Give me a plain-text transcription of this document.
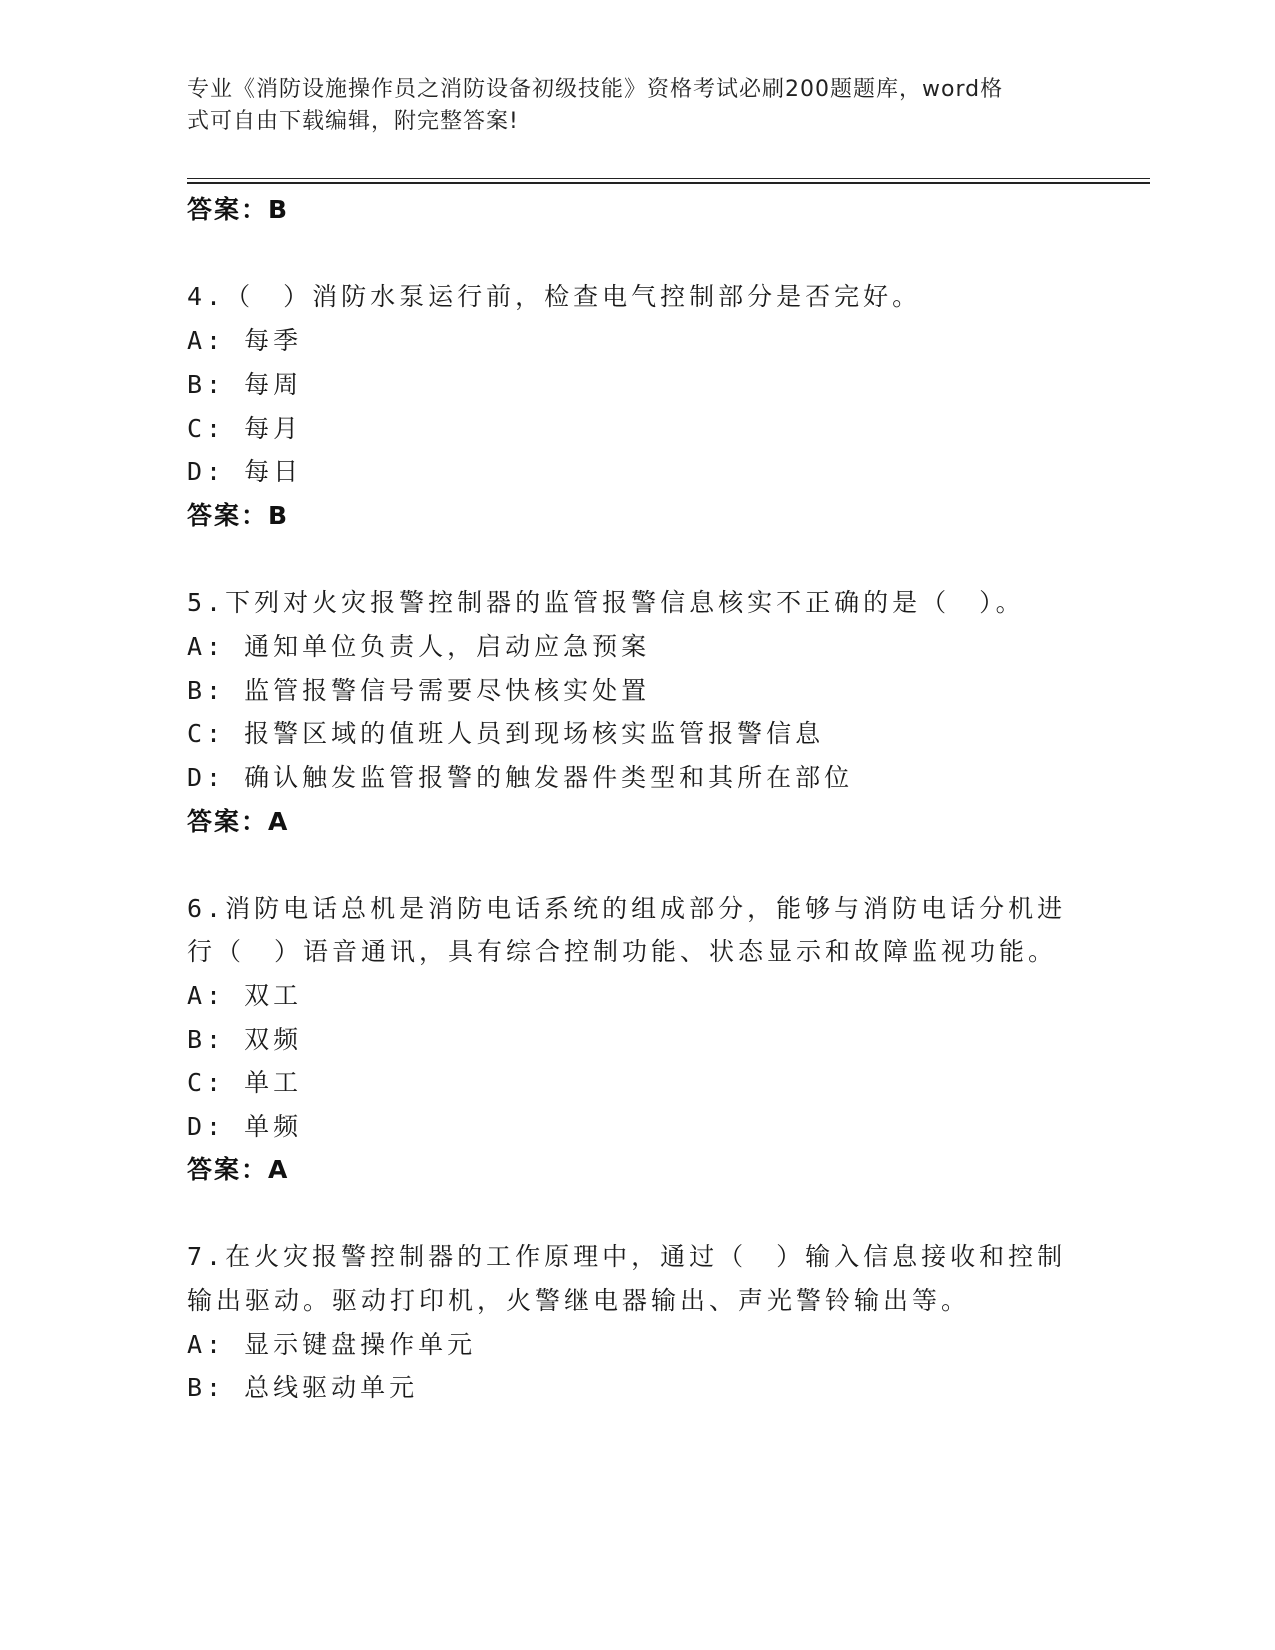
专业《消防设施操作员之消防设备初级技能》资格考试必刷200题题库，word格
式可自由下载编辑，附完整答案!
答案：B
4.（　）消防水泵运行前，检查电气控制部分是否完好。
A: 每季
B: 每周
C: 每月
D: 每日
答案：B
5.下列对火灾报警控制器的监管报警信息核实不正确的是（　）。
A: 通知单位负责人，启动应急预案
B: 监管报警信号需要尽快核实处置
C: 报警区域的值班人员到现场核实监管报警信息
D: 确认触发监管报警的触发器件类型和其所在部位
答案：A
6.消防电话总机是消防电话系统的组成部分，能够与消防电话分机进
行（　）语音通讯，具有综合控制功能、状态显示和故障监视功能。
A: 双工
B: 双频
C: 单工
D: 单频
答案：A
7.在火灾报警控制器的工作原理中，通过（　）输入信息接收和控制
输出驱动。驱动打印机，火警继电器输出、声光警铃输出等。
A: 显示键盘操作单元
B: 总线驱动单元
